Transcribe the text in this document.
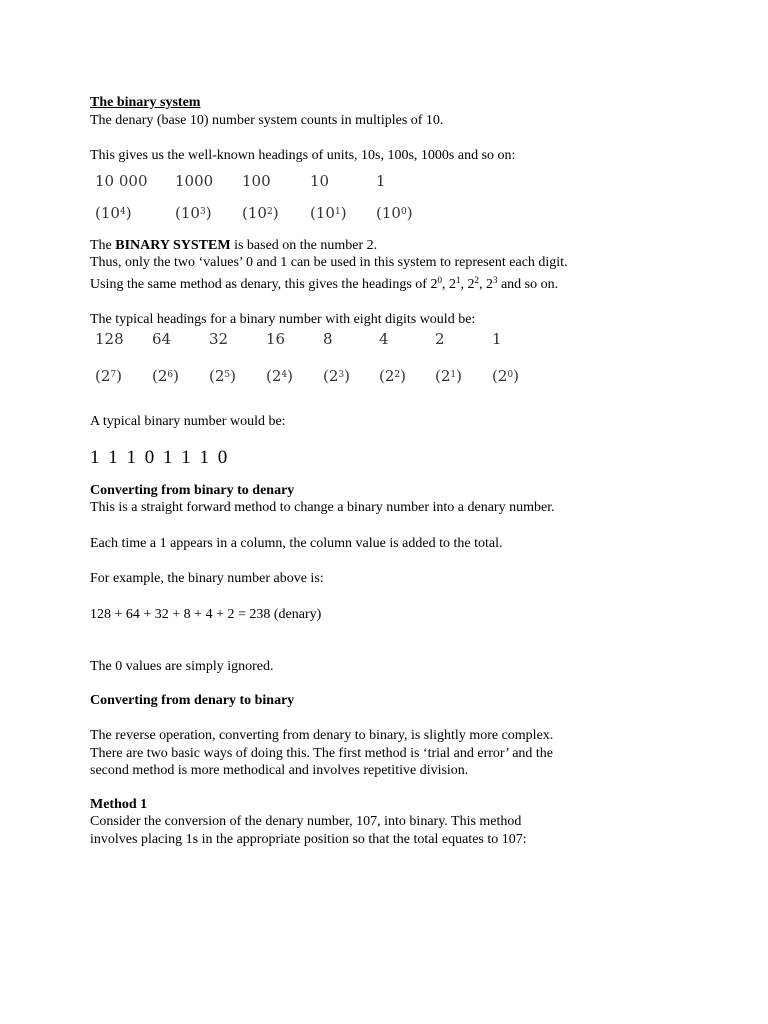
The binary system

The denary (base 10) number system counts in multiples of 10.

This gives us the well-known headings of units, 10s, 100s, 1000s and so on:

10 000	1000	100	10	1
(104)	(103)	(102)	(101)	(100)

The BINARY SYSTEM is based on the number 2.

Thus, only the two ‘values’ 0 and 1 can be used in this system to represent each digit.

Using the same method as denary, this gives the headings of $2^0$, $2^1$, $2^2$, $2^3$ and so on.

The typical headings for a binary number with eight digits would be:

128	64	32	16	8	4	2	1
(27)	(26)	(25)	(24)	(23)	(22)	(21)	(20)

A typical binary number would be:

1 1 1 0 1 1 1 0

Converting from binary to denary

This is a straight forward method to change a binary number into a denary number.

Each time a 1 appears in a column, the column value is added to the total.

For example, the binary number above is:

128 + 64 + 32 + 8 + 4 + 2 = 238 (denary)

The 0 values are simply ignored.

Converting from denary to binary

The reverse operation, converting from denary to binary, is slightly more complex.

There are two basic ways of doing this. The first method is ‘trial and error’ and the

second method is more methodical and involves repetitive division.

Method 1

Consider the conversion of the denary number, 107, into binary. This method

involves placing 1s in the appropriate position so that the total equates to 107:
